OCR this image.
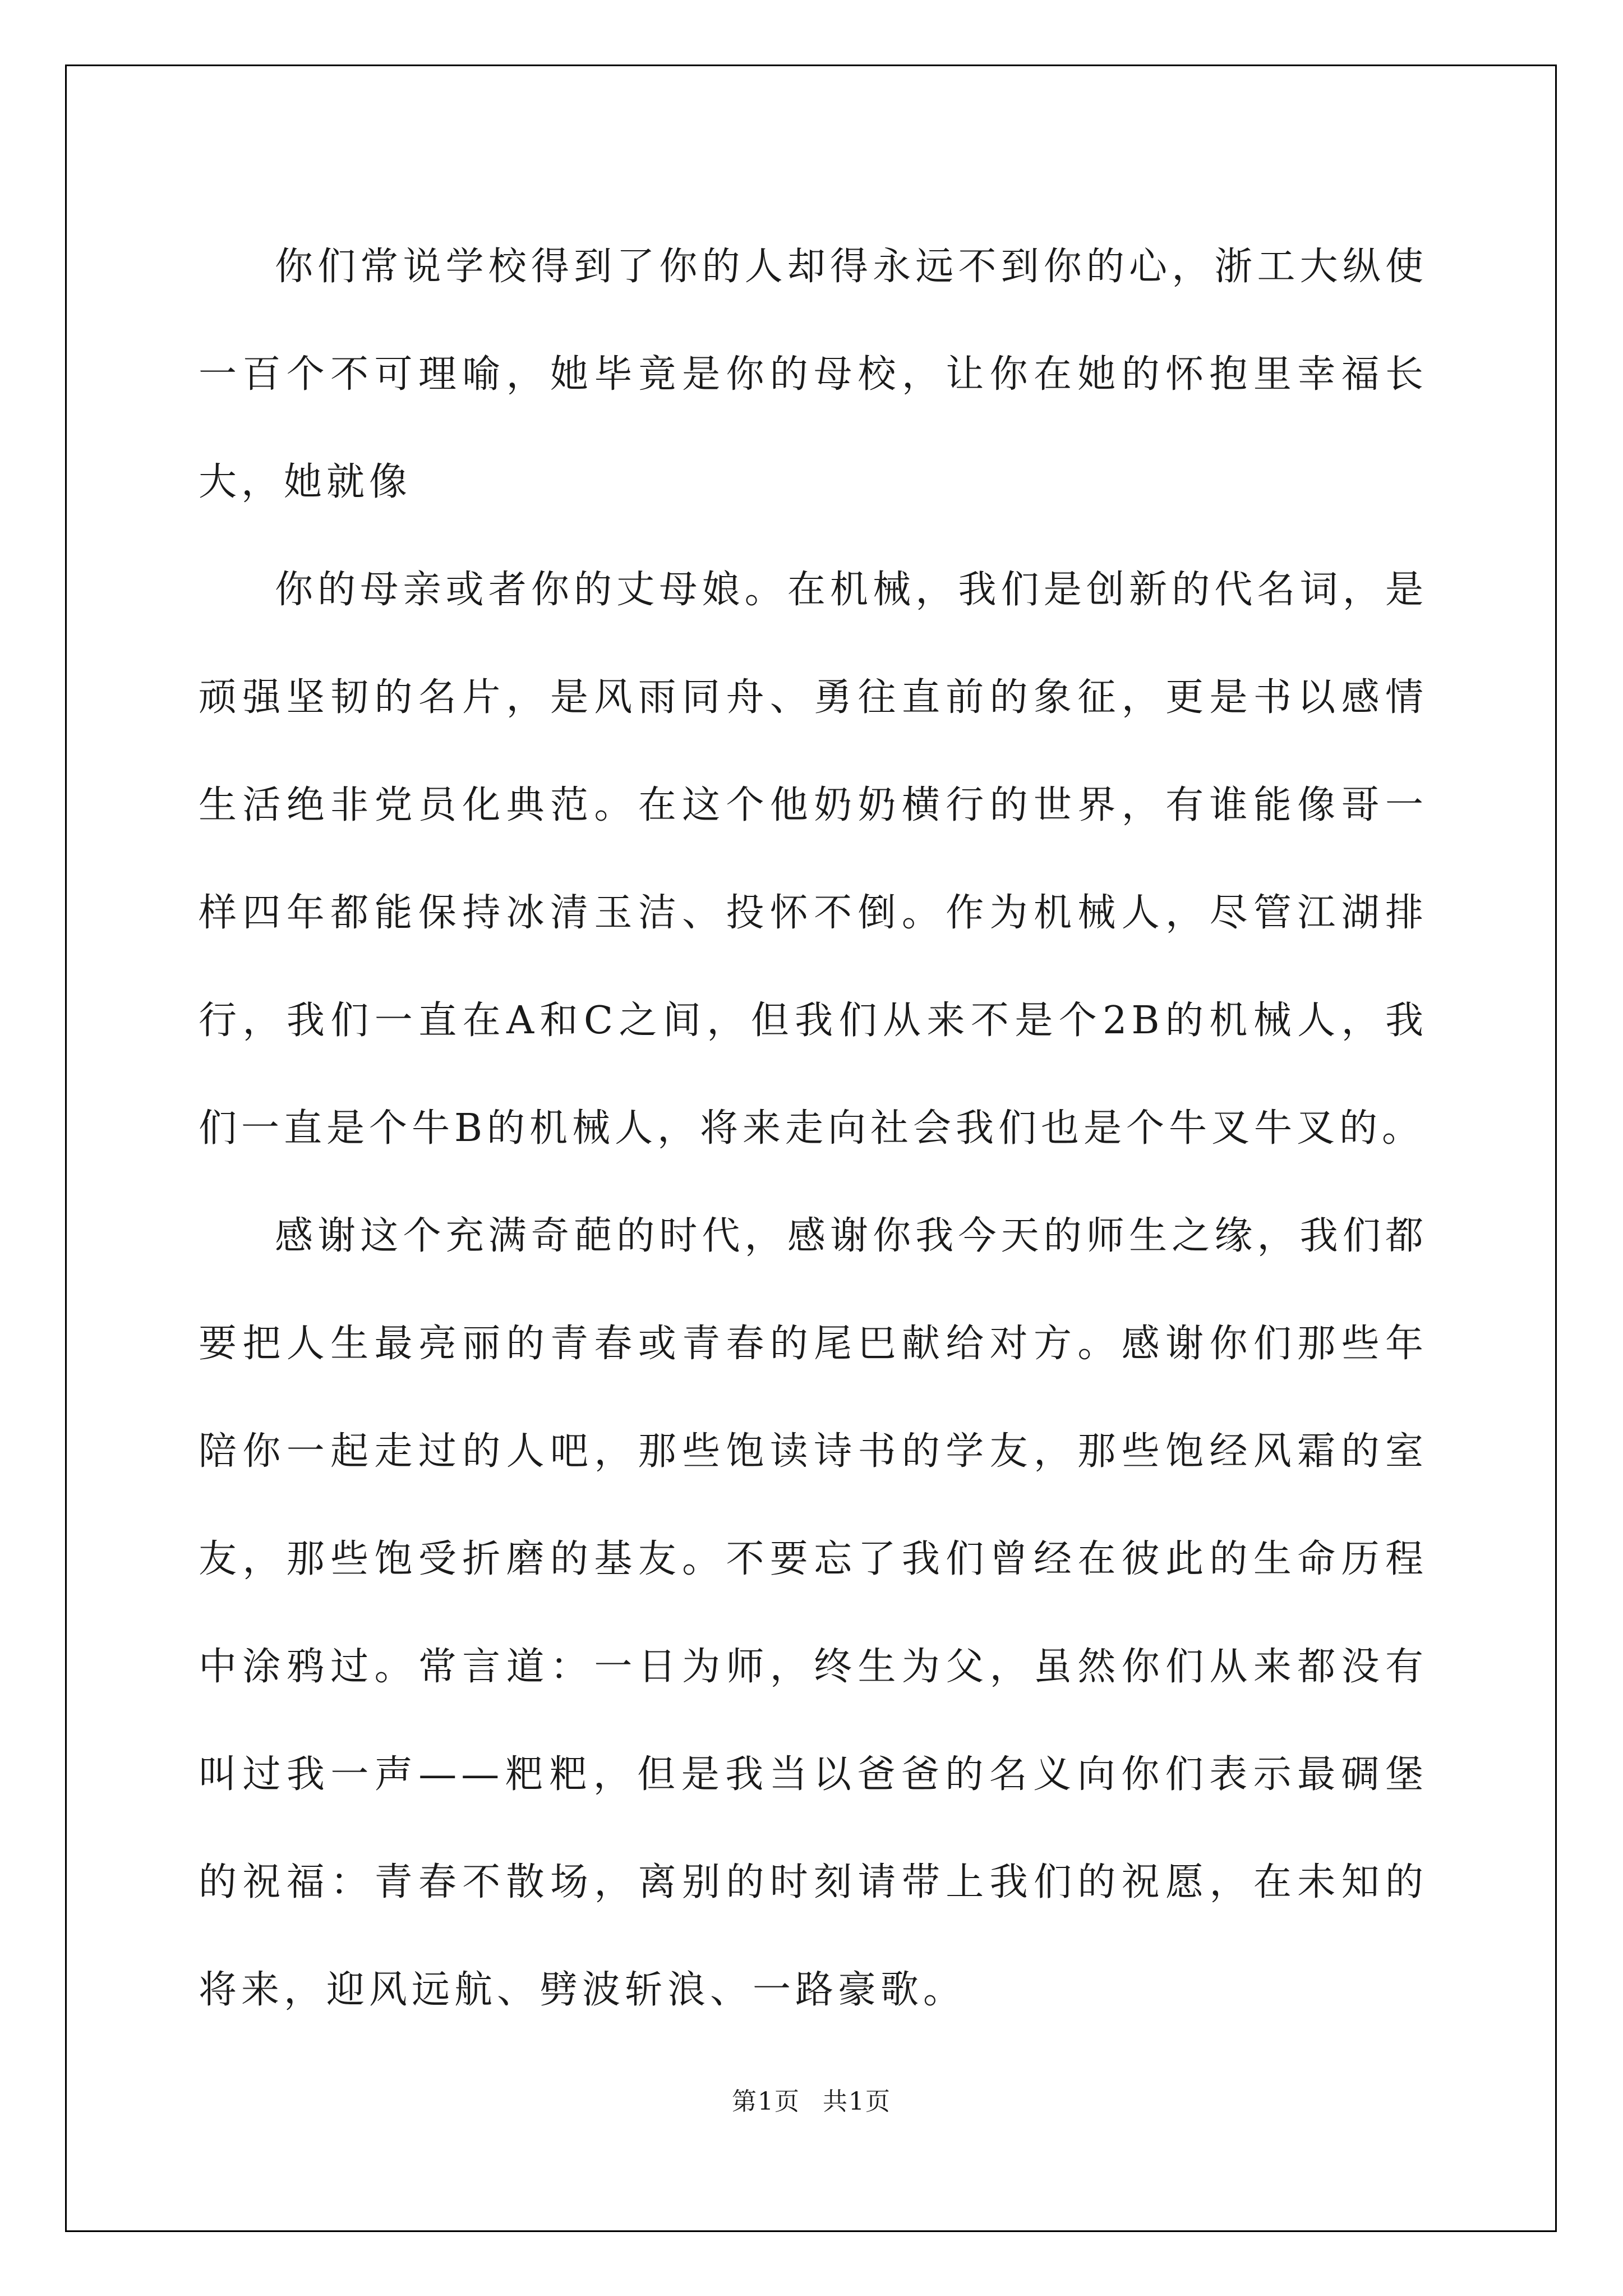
你们常说学校得到了你的人却得永远不到你的心，浙工大纵使一百个不可理喻，她毕竟是你的母校，让你在她的怀抱里幸福长大，她就像

你的母亲或者你的丈母娘。在机械，我们是创新的代名词，是顽强坚韧的名片，是风雨同舟、勇往直前的象征，更是书以感情生活绝非党员化典范。在这个他奶奶横行的世界，有谁能像哥一样四年都能保持冰清玉洁、投怀不倒。作为机械人，尽管江湖排行，我们一直在A和C之间，但我们从来不是个2B的机械人，我们一直是个牛B的机械人，将来走向社会我们也是个牛叉牛叉的。

感谢这个充满奇葩的时代，感谢你我今天的师生之缘，我们都要把人生最亮丽的青春或青春的尾巴献给对方。感谢你们那些年陪你一起走过的人吧，那些饱读诗书的学友，那些饱经风霜的室友，那些饱受折磨的基友。不要忘了我们曾经在彼此的生命历程中涂鸦过。常言道：一日为师，终生为父，虽然你们从来都没有叫过我一声——粑粑，但是我当以爸爸的名义向你们表示最碉堡的祝福：青春不散场，离别的时刻请带上我们的祝愿，在未知的将来，迎风远航、劈波斩浪、一路豪歌。

第1页 共1页
